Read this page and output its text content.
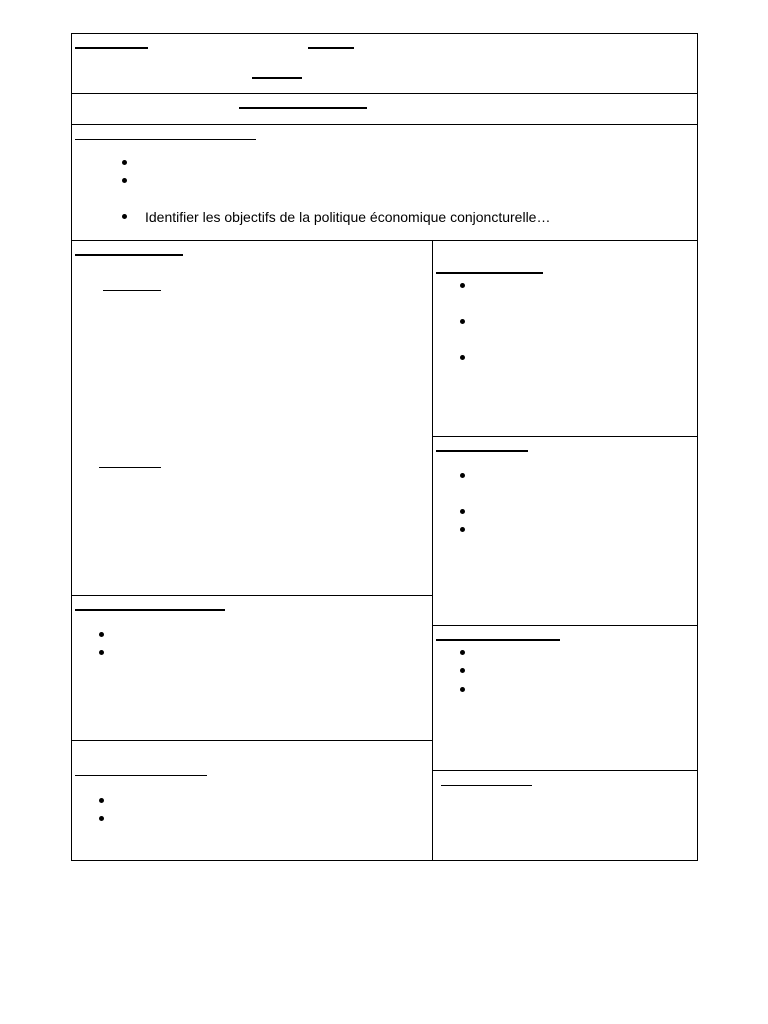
Identifier les objectifs de la politique économique conjoncturelle…
